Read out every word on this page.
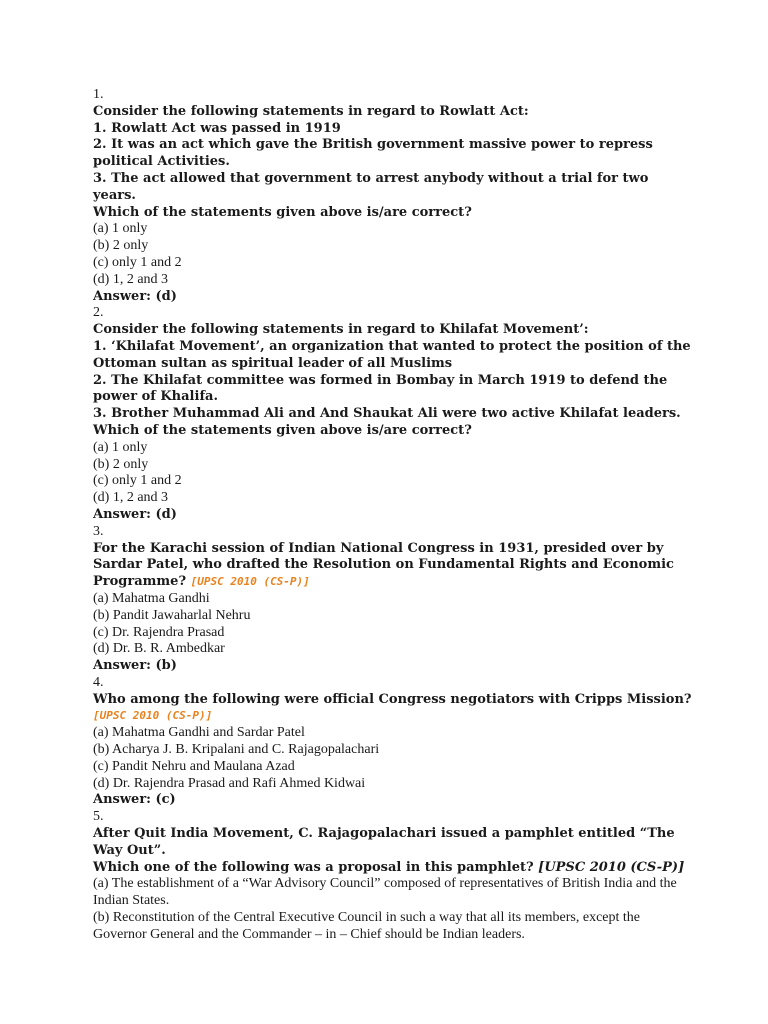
1.
Consider the following statements in regard to Rowlatt Act:
1. Rowlatt Act was passed in 1919
2. It was an act which gave the British government massive power to repress political Activities.
3. The act allowed that government to arrest anybody without a trial for two years.
Which of the statements given above is/are correct?
(a) 1 only
(b) 2 only
(c) only 1 and 2
(d) 1, 2 and 3
Answer: (d)
2.
Consider the following statements in regard to Khilafat Movement’:
1. ‘Khilafat Movement’, an organization that wanted to protect the position of the Ottoman sultan as spiritual leader of all Muslims
2. The Khilafat committee was formed in Bombay in March 1919 to defend the power of Khalifa.
3. Brother Muhammad Ali and And Shaukat Ali were two active Khilafat leaders.
Which of the statements given above is/are correct?
(a) 1 only
(b) 2 only
(c) only 1 and 2
(d) 1, 2 and 3
Answer: (d)
3.
For the Karachi session of Indian National Congress in 1931, presided over by Sardar Patel, who drafted the Resolution on Fundamental Rights and Economic Programme? [UPSC 2010 (CS-P)]
(a) Mahatma Gandhi
(b) Pandit Jawaharlal Nehru
(c) Dr. Rajendra Prasad
(d) Dr. B. R. Ambedkar
Answer: (b)
4.
Who among the following were official Congress negotiators with Cripps Mission? [UPSC 2010 (CS-P)]
(a) Mahatma Gandhi and Sardar Patel
(b) Acharya J. B. Kripalani and C. Rajagopalachari
(c) Pandit Nehru and Maulana Azad
(d) Dr. Rajendra Prasad and Rafi Ahmed Kidwai
Answer: (c)
5.
After Quit India Movement, C. Rajagopalachari issued a pamphlet entitled “The Way Out”.
Which one of the following was a proposal in this pamphlet? [UPSC 2010 (CS-P)]
(a) The establishment of a “War Advisory Council” composed of representatives of British India and the Indian States.
(b) Reconstitution of the Central Executive Council in such a way that all its members, except the Governor General and the Commander – in – Chief should be Indian leaders.
